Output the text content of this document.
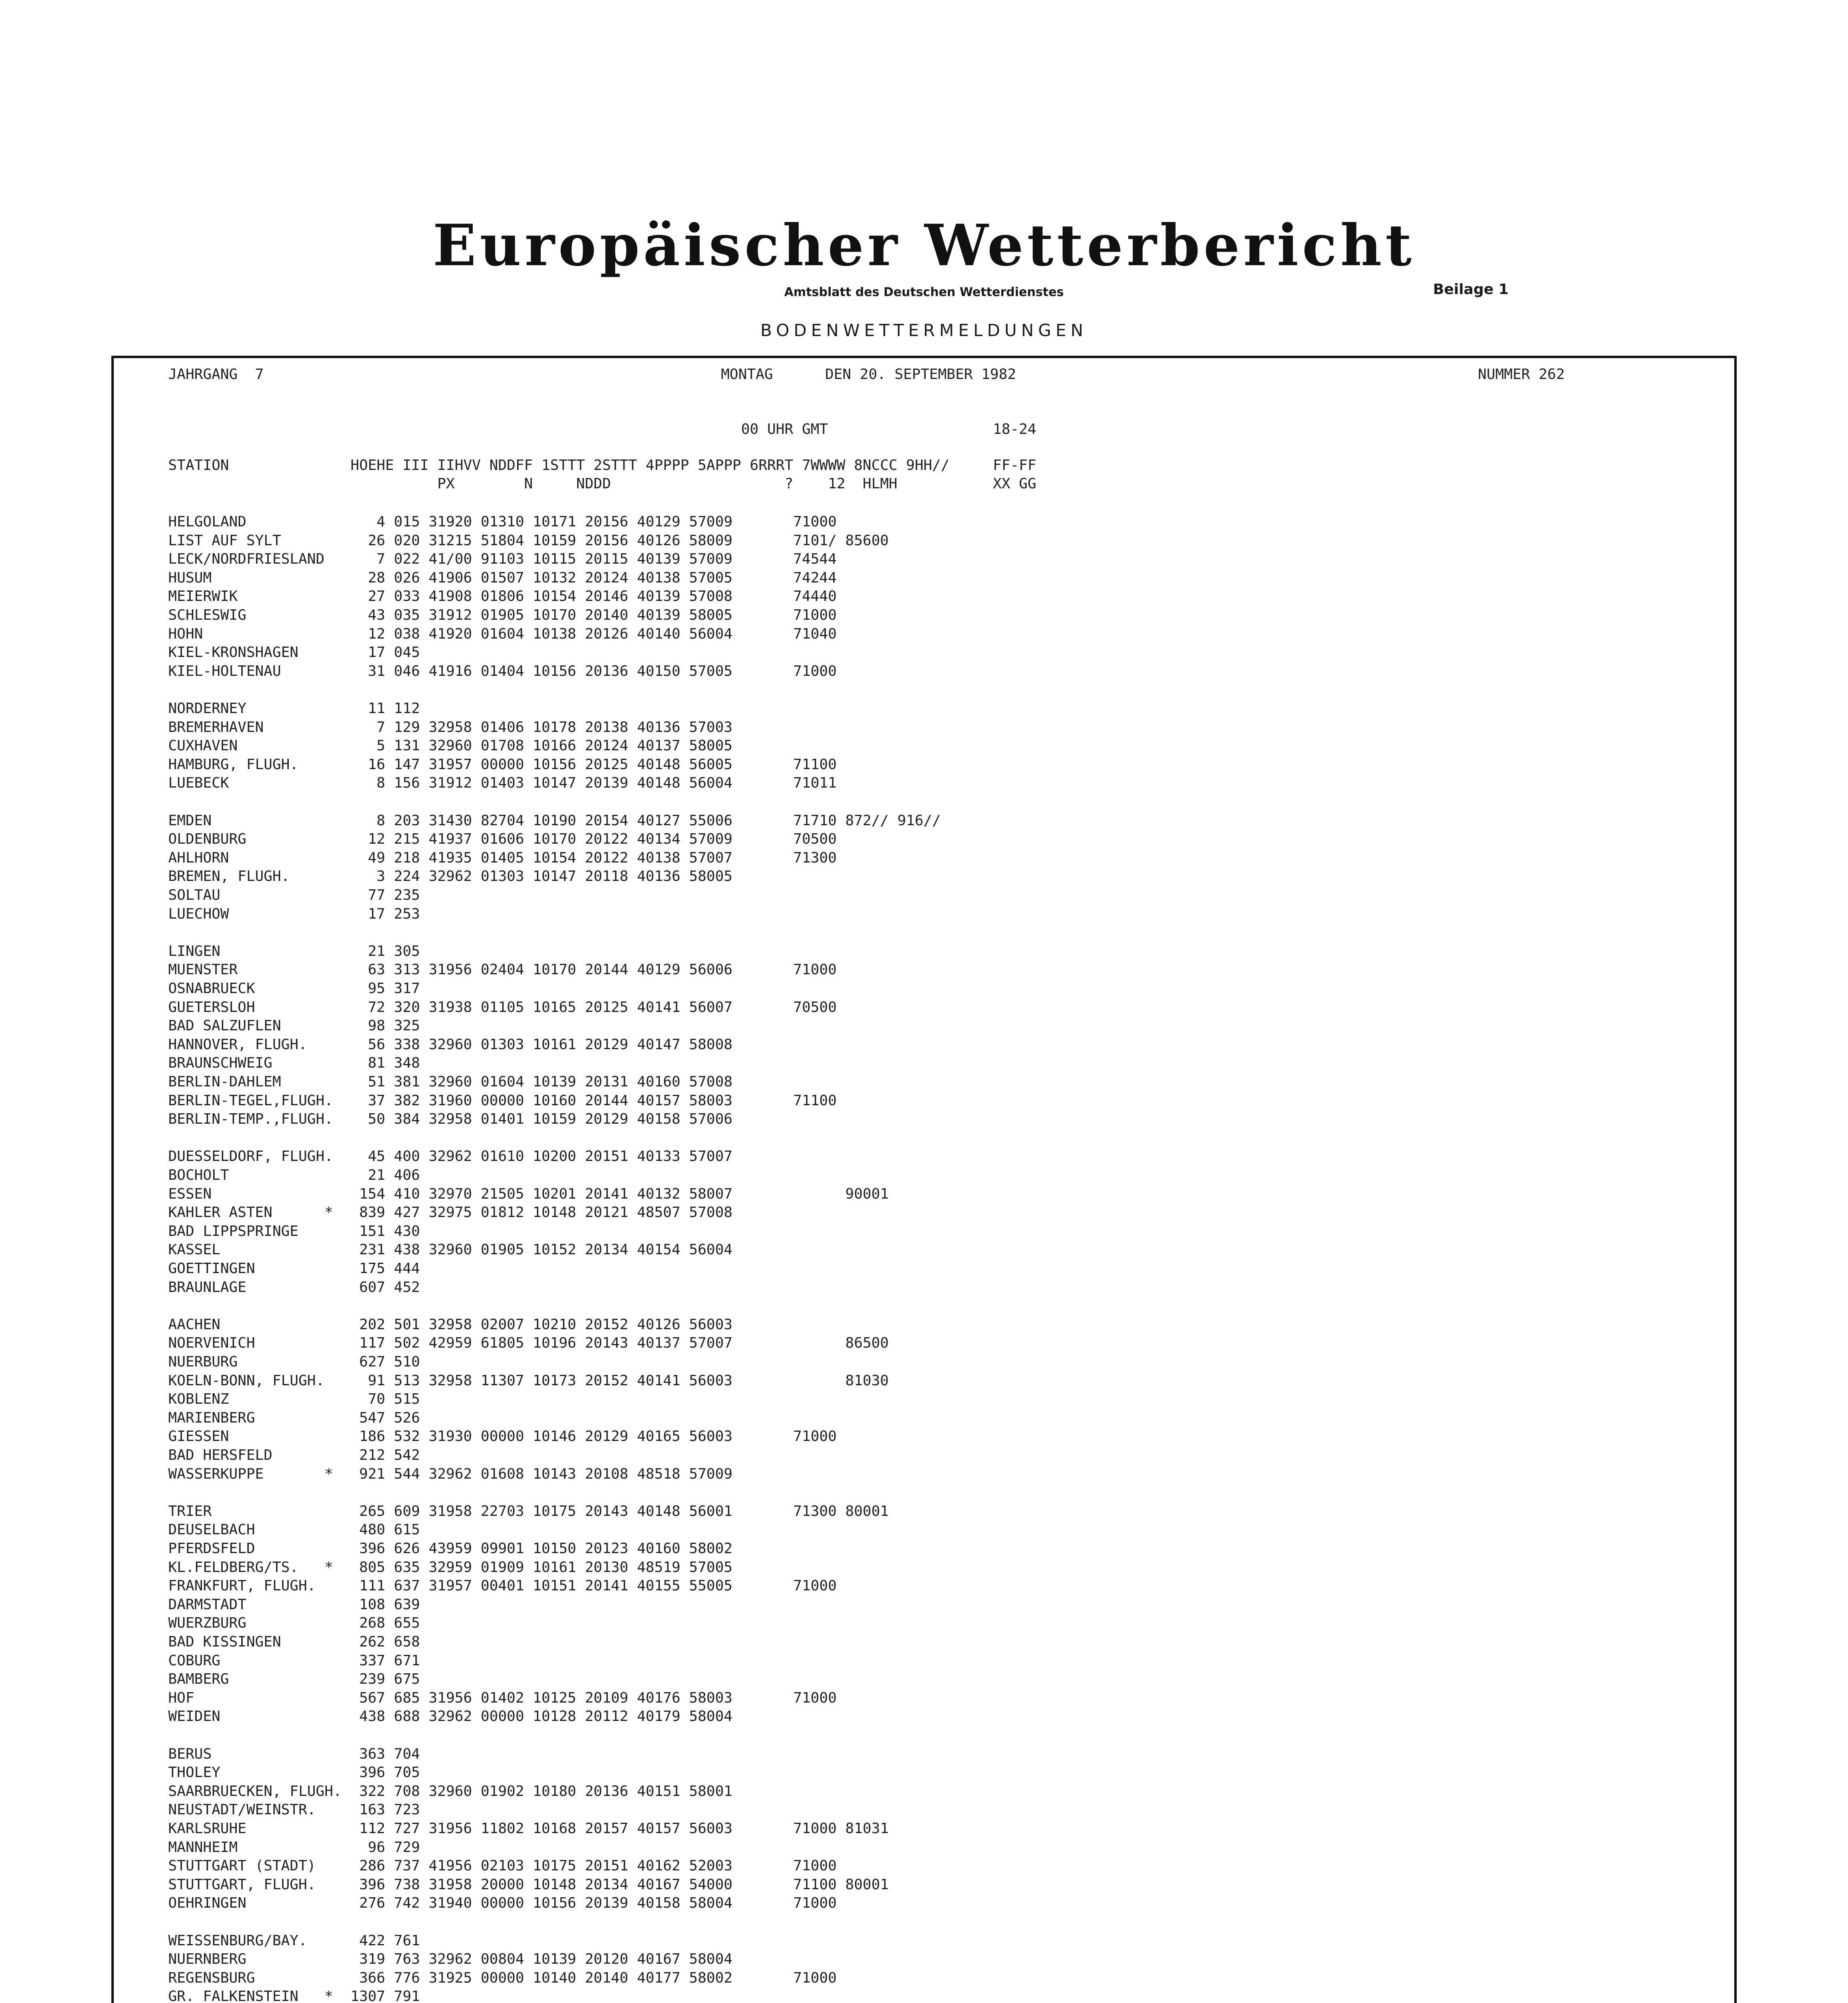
Europäischer Wetterbericht
Amtsblatt des Deutschen Wetterdienstes	Beilage 1
BODENWETTERMELDUNGEN
JAHRGANG  7	MONTAG      DEN 20. SEPTEMBER 1982	NUMMER 262
00 UHR GMT                   18-24
STATION              HOEHE III IIHVV NDDFF 1STTT 2STTT 4PPPP 5APPP 6RRRT 7WWWW 8NCCC 9HH//     FF-FF
PX        N     NDDD                    ?    12  HLMH           XX GG
HELGOLAND               4 015 31920 01310 10171 20156 40129 57009       71000
LIST AUF SYLT          26 020 31215 51804 10159 20156 40126 58009       7101/ 85600
LECK/NORDFRIESLAND      7 022 41/00 91103 10115 20115 40139 57009       74544
HUSUM                  28 026 41906 01507 10132 20124 40138 57005       74244
MEIERWIK               27 033 41908 01806 10154 20146 40139 57008       74440
SCHLESWIG              43 035 31912 01905 10170 20140 40139 58005       71000
HOHN                   12 038 41920 01604 10138 20126 40140 56004       71040
KIEL-KRONSHAGEN        17 045
KIEL-HOLTENAU          31 046 41916 01404 10156 20136 40150 57005       71000
NORDERNEY              11 112
BREMERHAVEN             7 129 32958 01406 10178 20138 40136 57003
CUXHAVEN                5 131 32960 01708 10166 20124 40137 58005
HAMBURG, FLUGH.        16 147 31957 00000 10156 20125 40148 56005       71100
LUEBECK                 8 156 31912 01403 10147 20139 40148 56004       71011
EMDEN                   8 203 31430 82704 10190 20154 40127 55006       71710 872// 916//
OLDENBURG              12 215 41937 01606 10170 20122 40134 57009       70500
AHLHORN                49 218 41935 01405 10154 20122 40138 57007       71300
BREMEN, FLUGH.          3 224 32962 01303 10147 20118 40136 58005
SOLTAU                 77 235
LUECHOW                17 253
LINGEN                 21 305
MUENSTER               63 313 31956 02404 10170 20144 40129 56006       71000
OSNABRUECK             95 317
GUETERSLOH             72 320 31938 01105 10165 20125 40141 56007       70500
BAD SALZUFLEN          98 325
HANNOVER, FLUGH.       56 338 32960 01303 10161 20129 40147 58008
BRAUNSCHWEIG           81 348
BERLIN-DAHLEM          51 381 32960 01604 10139 20131 40160 57008
BERLIN-TEGEL,FLUGH.    37 382 31960 00000 10160 20144 40157 58003       71100
BERLIN-TEMP.,FLUGH.    50 384 32958 01401 10159 20129 40158 57006
DUESSELDORF, FLUGH.    45 400 32962 01610 10200 20151 40133 57007
BOCHOLT                21 406
ESSEN                 154 410 32970 21505 10201 20141 40132 58007             90001
KAHLER ASTEN      *   839 427 32975 01812 10148 20121 48507 57008
BAD LIPPSPRINGE       151 430
KASSEL                231 438 32960 01905 10152 20134 40154 56004
GOETTINGEN            175 444
BRAUNLAGE             607 452
AACHEN                202 501 32958 02007 10210 20152 40126 56003
NOERVENICH            117 502 42959 61805 10196 20143 40137 57007             86500
NUERBURG              627 510
KOELN-BONN, FLUGH.     91 513 32958 11307 10173 20152 40141 56003             81030
KOBLENZ                70 515
MARIENBERG            547 526
GIESSEN               186 532 31930 00000 10146 20129 40165 56003       71000
BAD HERSFELD          212 542
WASSERKUPPE       *   921 544 32962 01608 10143 20108 48518 57009
TRIER                 265 609 31958 22703 10175 20143 40148 56001       71300 80001
DEUSELBACH            480 615
PFERDSFELD            396 626 43959 09901 10150 20123 40160 58002
KL.FELDBERG/TS.   *   805 635 32959 01909 10161 20130 48519 57005
FRANKFURT, FLUGH.     111 637 31957 00401 10151 20141 40155 55005       71000
DARMSTADT             108 639
WUERZBURG             268 655
BAD KISSINGEN         262 658
COBURG                337 671
BAMBERG               239 675
HOF                   567 685 31956 01402 10125 20109 40176 58003       71000
WEIDEN                438 688 32962 00000 10128 20112 40179 58004
BERUS                 363 704
THOLEY                396 705
SAARBRUECKEN, FLUGH.  322 708 32960 01902 10180 20136 40151 58001
NEUSTADT/WEINSTR.     163 723
KARLSRUHE             112 727 31956 11802 10168 20157 40157 56003       71000 81031
MANNHEIM               96 729
STUTTGART (STADT)     286 737 41956 02103 10175 20151 40162 52003       71000
STUTTGART, FLUGH.     396 738 31958 20000 10148 20134 40167 54000       71100 80001
OEHRINGEN             276 742 31940 00000 10156 20139 40158 58004       71000
WEISSENBURG/BAY.      422 761
NUERNBERG             319 763 32962 00804 10139 20120 40167 58004
REGENSBURG            366 776 31925 00000 10140 20140 40177 58002       71000
GR. FALKENSTEIN   *  1307 791
